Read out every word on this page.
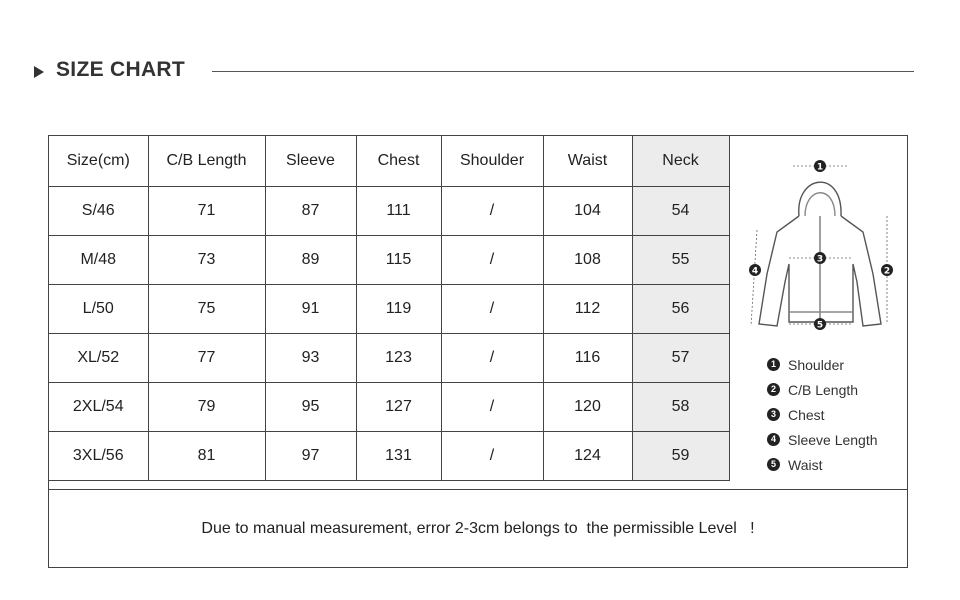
SIZE CHART
Size(cm)	C/B Length	Sleeve	Chest	Shoulder	Waist	Neck
S/46	71	87	111	/	104	54
M/48	73	89	115	/	108	55
L/50	75	91	119	/	112	56
XL/52	77	93	123	/	116	57
2XL/54	79	95	127	/	120	58
3XL/56	81	97	131	/	124	59
1
2
3
4
5
1 Shoulder
2 C/B Length
3 Chest
4 Sleeve Length
5 Waist
Due to manual measurement, error 2-3cm belongs to  the permissible Level   !
